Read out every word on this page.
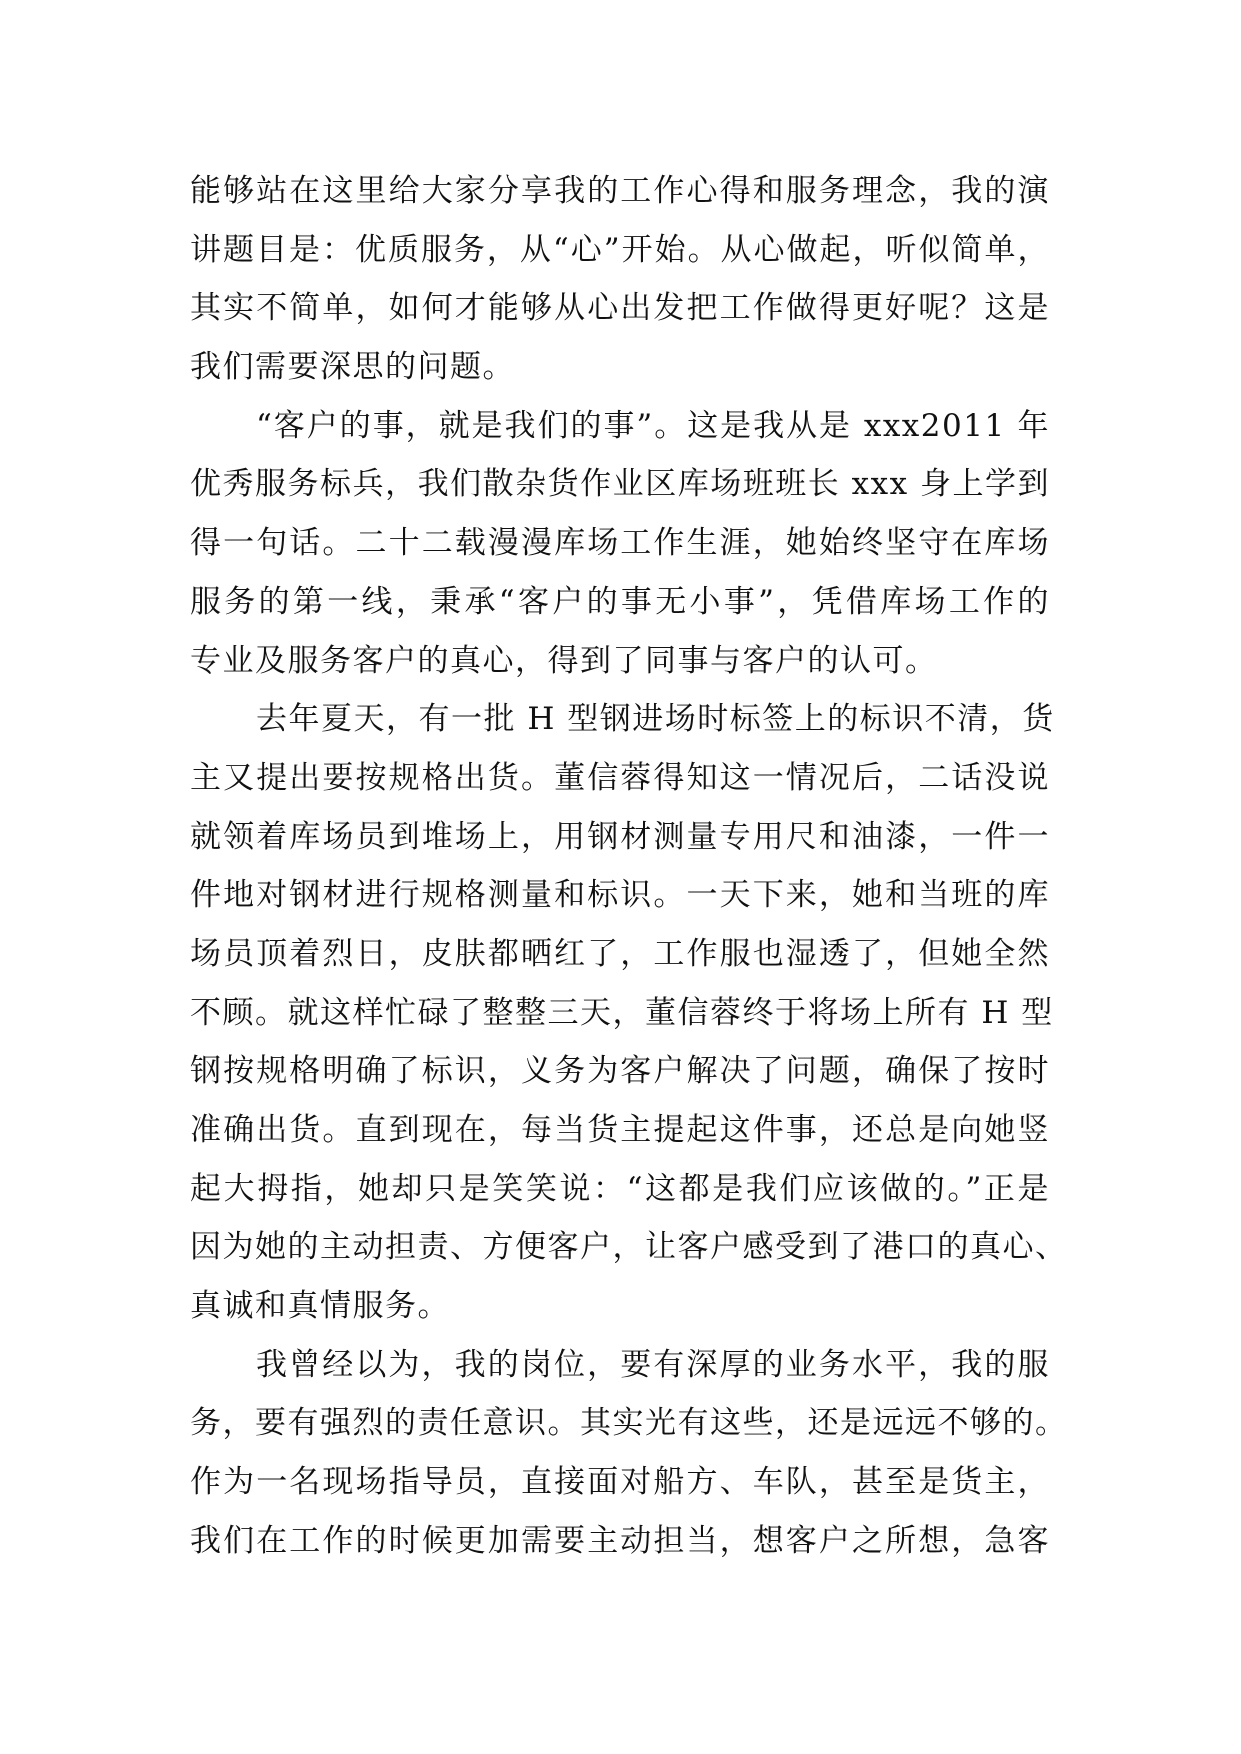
能够站在这里给大家分享我的工作心得和服务理念，我的演
讲题目是：优质服务，从“心”开始。从心做起，听似简单，
其实不简单，如何才能够从心出发把工作做得更好呢？这是
我们需要深思的问题。
“客户的事，就是我们的事”。这是我从是 xxx2011 年
优秀服务标兵，我们散杂货作业区库场班班长 xxx 身上学到
得一句话。二十二载漫漫库场工作生涯，她始终坚守在库场
服务的第一线，秉承“客户的事无小事”，凭借库场工作的
专业及服务客户的真心，得到了同事与客户的认可。
去年夏天，有一批 H 型钢进场时标签上的标识不清，货
主又提出要按规格出货。董信蓉得知这一情况后，二话没说
就领着库场员到堆场上，用钢材测量专用尺和油漆，一件一
件地对钢材进行规格测量和标识。一天下来，她和当班的库
场员顶着烈日，皮肤都晒红了，工作服也湿透了，但她全然
不顾。就这样忙碌了整整三天，董信蓉终于将场上所有 H 型
钢按规格明确了标识，义务为客户解决了问题，确保了按时
准确出货。直到现在，每当货主提起这件事，还总是向她竖
起大拇指，她却只是笑笑说：“这都是我们应该做的。”正是
因为她的主动担责、方便客户，让客户感受到了港口的真心、
真诚和真情服务。
我曾经以为，我的岗位，要有深厚的业务水平，我的服
务，要有强烈的责任意识。其实光有这些，还是远远不够的。
作为一名现场指导员，直接面对船方、车队，甚至是货主，
我们在工作的时候更加需要主动担当，想客户之所想，急客
